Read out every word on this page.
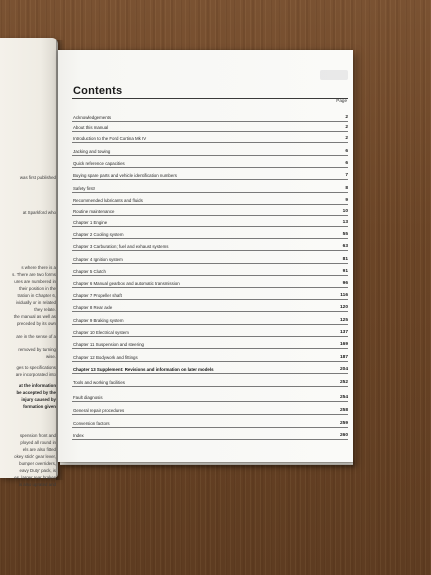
was first published
at Sparkford who
s where there is a
s. There are two forms
ures are numbered in
their position in the
tration in Chapter 6,
ividually or in related
they relate.
the manual as well as
preceded by its own
are in the sense of a
removed by turning
wise.
ges to specifications
are incorporated into
at the information
be accepted by the
injury caused by
formation given
spension front and
ployed all round in
els are also fitted
okey stick' gear lever,
bumper overriders,
eavy Duty' pack, is
es, larger rear brakes
is also uprated and
Contents
Page
Acknowledgements	2
About this manual	2
Introduction to the Ford Cortina Mk IV	2
Jacking and towing	6
Quick reference capacities	6
Buying spare parts and vehicle identification numbers	7
Safety first!	8
Recommended lubricants and fluids	9
Routine maintenance	10
Chapter 1 Engine	13
Chapter 2 Cooling system	55
Chapter 3 Carburation; fuel and exhaust systems	63
Chapter 4 Ignition system	81
Chapter 5 Clutch	91
Chapter 6 Manual gearbox and automatic transmission	96
Chapter 7 Propeller shaft	116
Chapter 8 Rear axle	120
Chapter 9 Braking system	125
Chapter 10 Electrical system	137
Chapter 11 Suspension and steering	169
Chapter 12 Bodywork and fittings	187
Chapter 13 Supplement: Revisions and information on later models	204
Tools and working facilities	252
Fault diagnosis	254
General repair procedures	258
Conversion factors	259
Index	260
